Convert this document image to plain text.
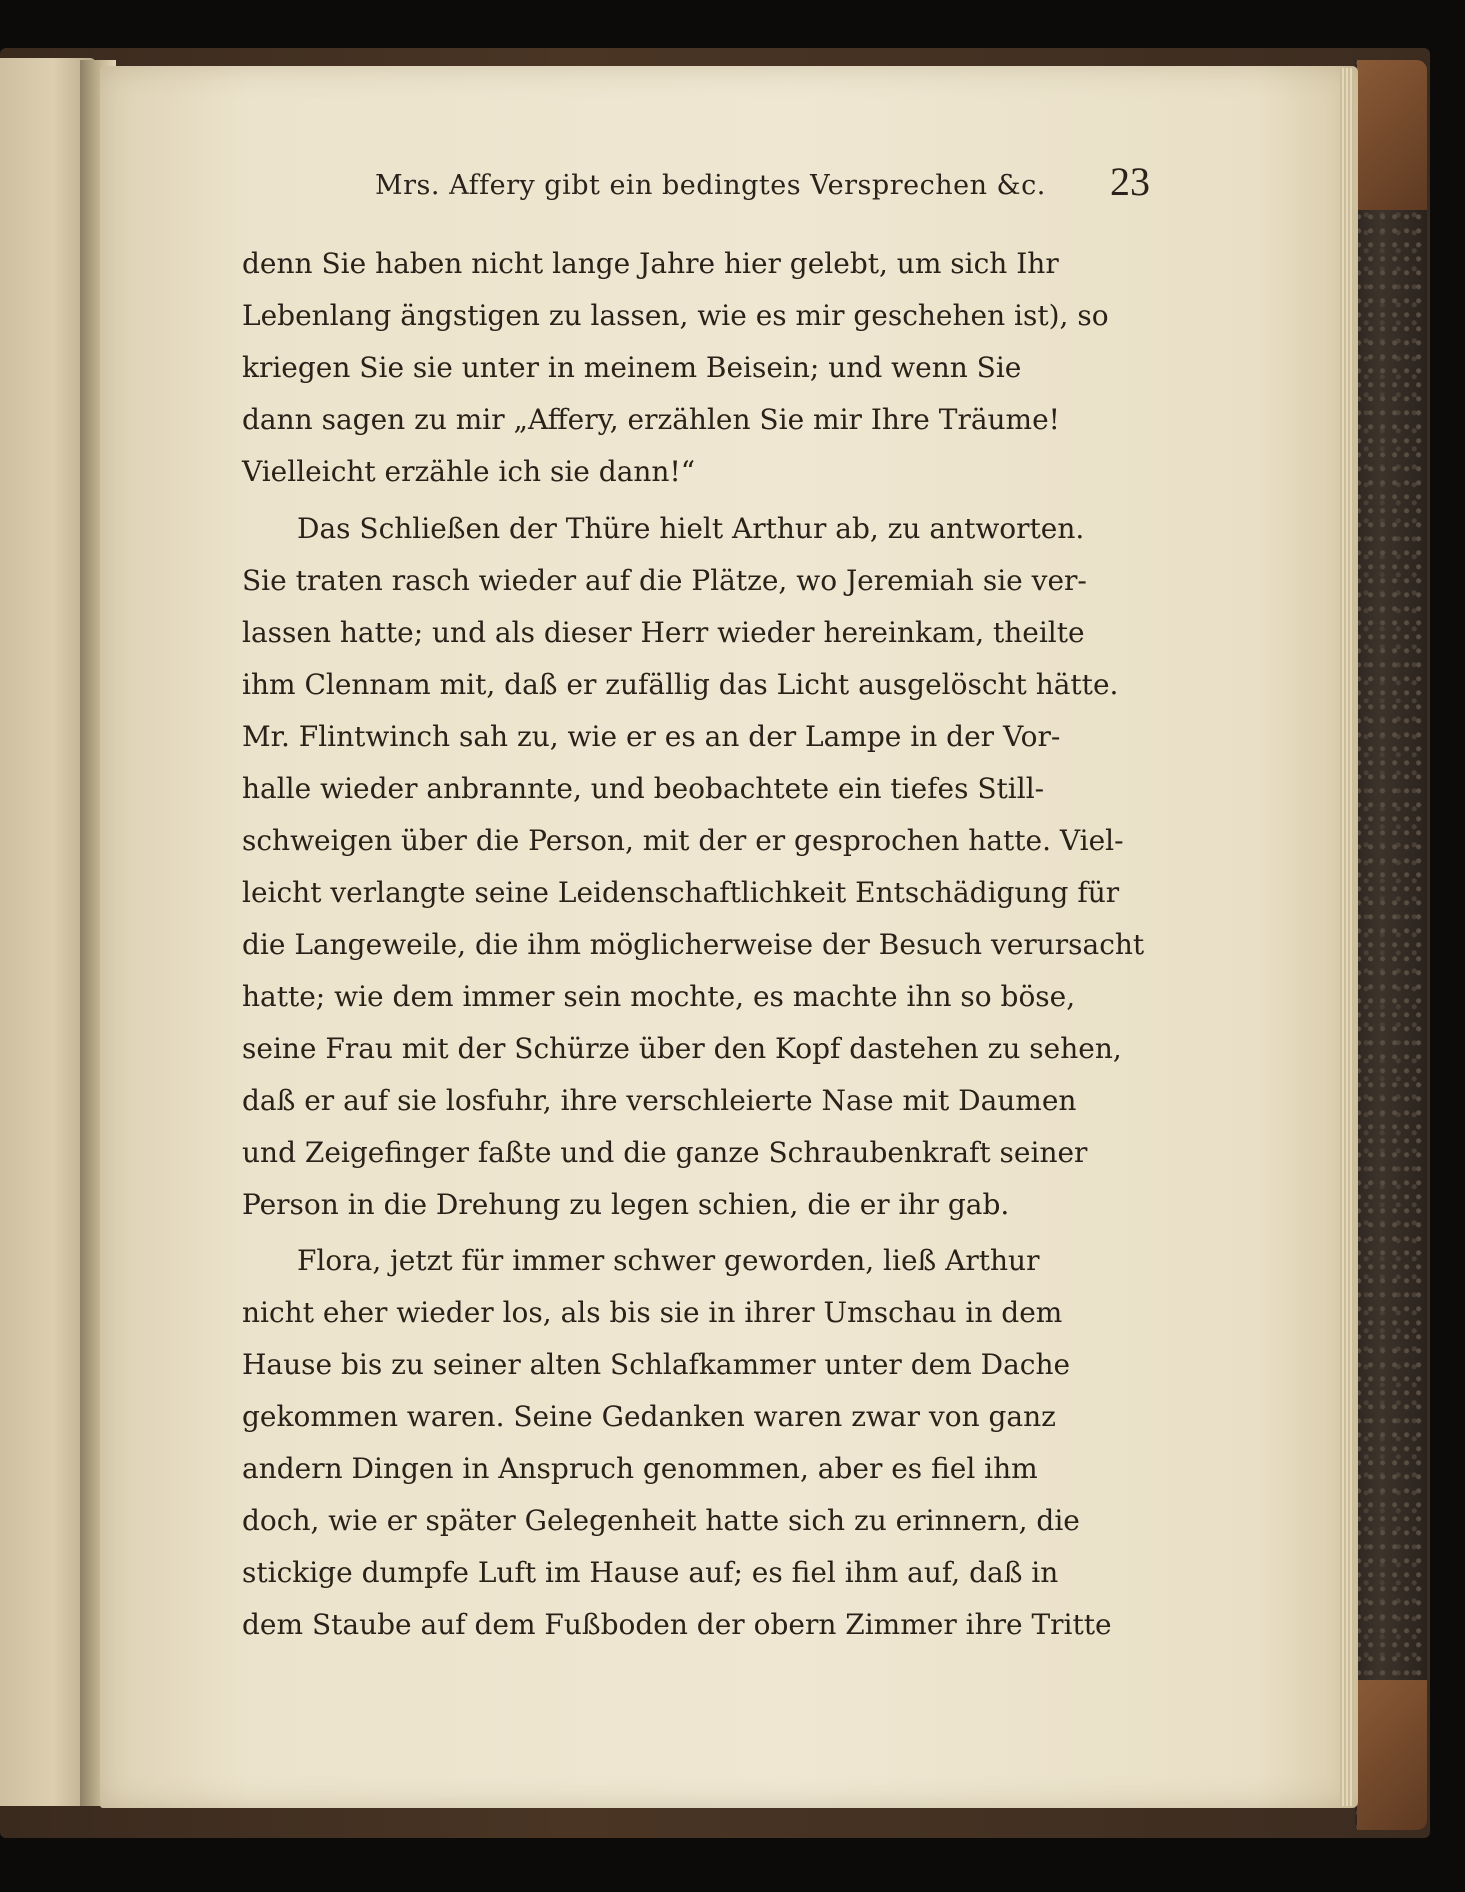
Mrs. Affery gibt ein bedingtes Versprechen &c. 23
denn Sie haben nicht lange Jahre hier gelebt, um sich Ihr
Lebenlang ängstigen zu lassen, wie es mir geschehen ist), so
kriegen Sie sie unter in meinem Beisein; und wenn Sie
dann sagen zu mir „Affery, erzählen Sie mir Ihre Träume!
Vielleicht erzähle ich sie dann!“
Das Schließen der Thüre hielt Arthur ab, zu antworten.
Sie traten rasch wieder auf die Plätze, wo Jeremiah sie ver-
lassen hatte; und als dieser Herr wieder hereinkam, theilte
ihm Clennam mit, daß er zufällig das Licht ausgelöscht hätte.
Mr. Flintwinch sah zu, wie er es an der Lampe in der Vor-
halle wieder anbrannte, und beobachtete ein tiefes Still-
schweigen über die Person, mit der er gesprochen hatte. Viel-
leicht verlangte seine Leidenschaftlichkeit Entschädigung für
die Langeweile, die ihm möglicherweise der Besuch verursacht
hatte; wie dem immer sein mochte, es machte ihn so böse,
seine Frau mit der Schürze über den Kopf dastehen zu sehen,
daß er auf sie losfuhr, ihre verschleierte Nase mit Daumen
und Zeigefinger faßte und die ganze Schraubenkraft seiner
Person in die Drehung zu legen schien, die er ihr gab.
Flora, jetzt für immer schwer geworden, ließ Arthur
nicht eher wieder los, als bis sie in ihrer Umschau in dem
Hause bis zu seiner alten Schlafkammer unter dem Dache
gekommen waren. Seine Gedanken waren zwar von ganz
andern Dingen in Anspruch genommen, aber es fiel ihm
doch, wie er später Gelegenheit hatte sich zu erinnern, die
stickige dumpfe Luft im Hause auf; es fiel ihm auf, daß in
dem Staube auf dem Fußboden der obern Zimmer ihre Tritte
